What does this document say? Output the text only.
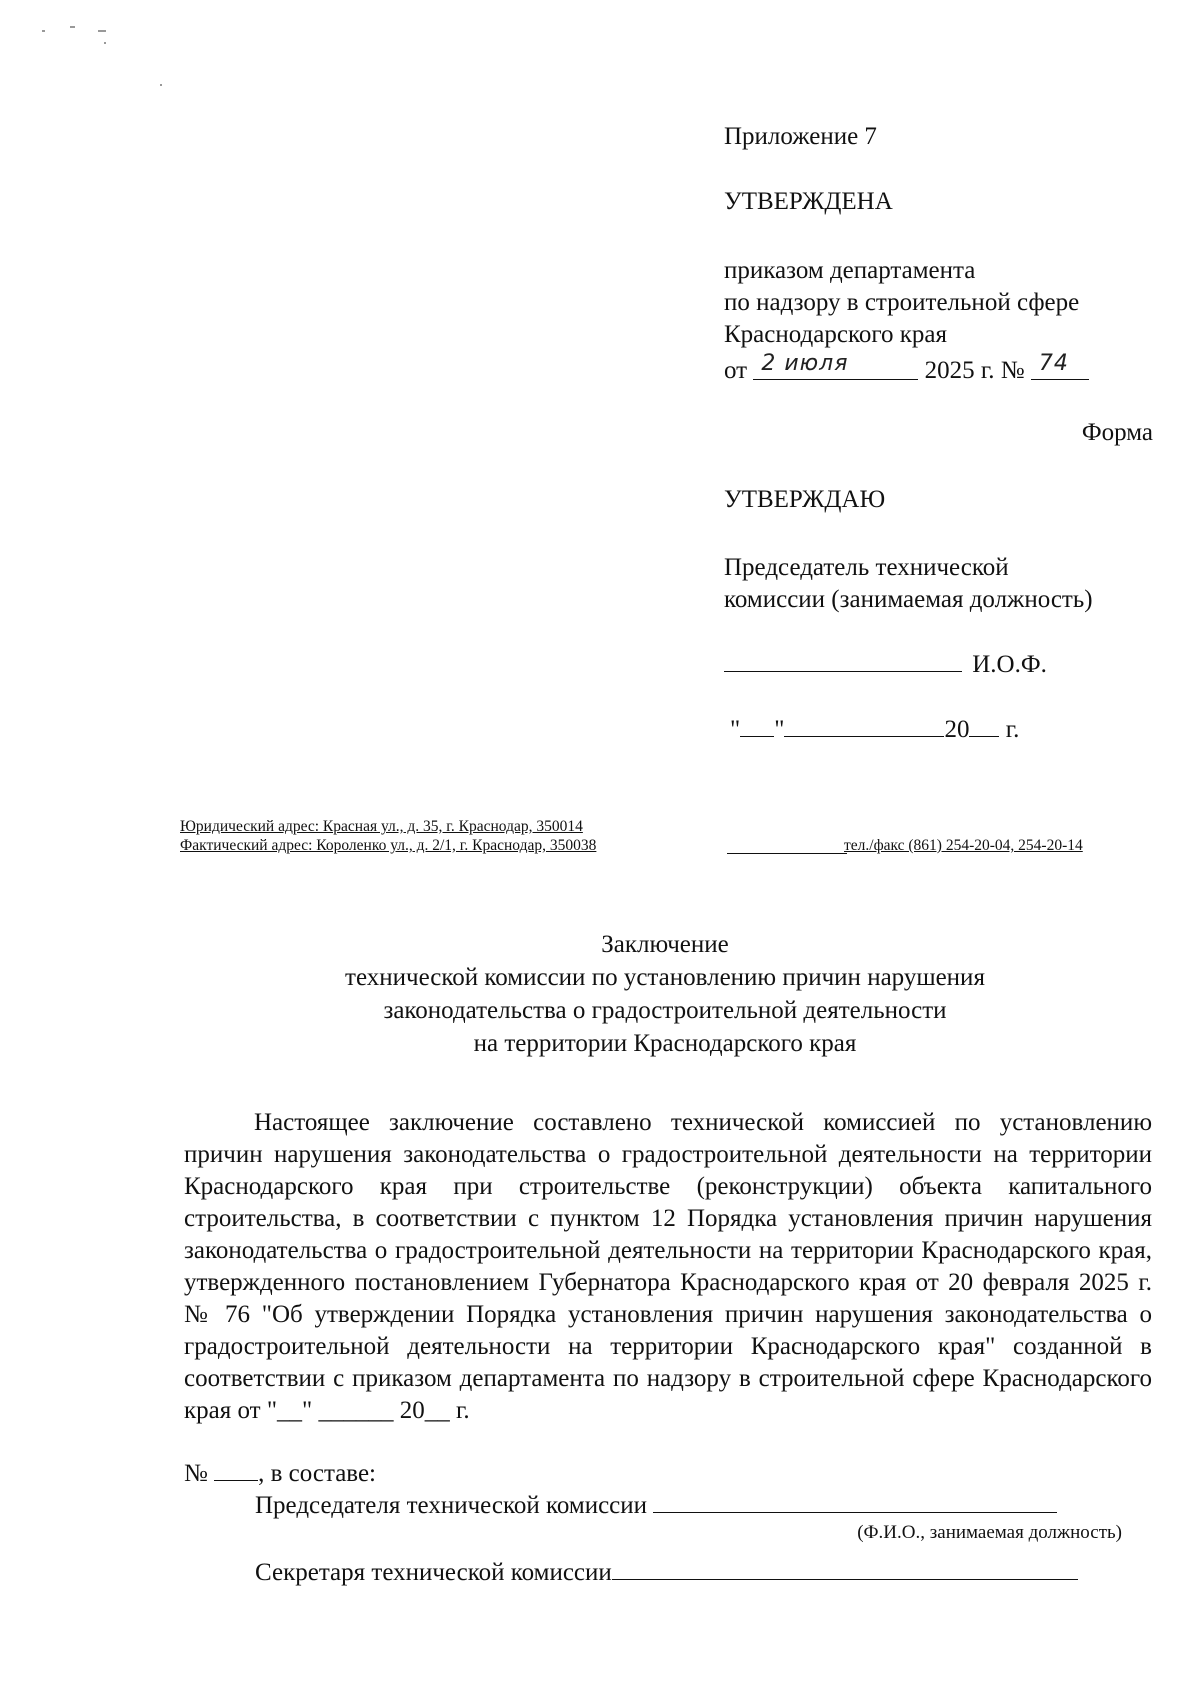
Приложение 7

УТВЕРЖДЕНА

приказом департамента

по надзору в строительной сфере

Краснодарского края

от 2 июля	2025 г. № 74

Форма

УТВЕРЖДАЮ

Председатель технической

комиссии (занимаемая должность)

И.О.Ф.

" "	20 г.

Юридический адрес: Красная ул., д. 35, г. Краснодар, 350014
Фактический адрес: Короленко ул., д. 2/1, г. Краснодар, 350038	тел./факс (861) 254-20-04, 254-20-14
Заключение
технической комиссии по установлению причин нарушения
законодательства о градостроительной деятельности
на территории Краснодарского края
Настоящее заключение составлено технической комиссией по установлению причин нарушения законодательства о градостроительной деятельности на территории Краснодарского края при строительстве (реконструкции) объекта капитального строительства, в соответствии с пунктом 12 Порядка установления причин нарушения законодательства о градостроительной деятельности на территории Краснодарского края, утвержденного постановлением Губернатора Краснодарского края от 20 февраля 2025 г. № 76 "Об утверждении Порядка установления причин нарушения законодательства о градостроительной деятельности на территории Краснодарского края" созданной в соответствии с приказом департамента по надзору в строительной сфере Краснодарского края от "__" ______ 20__ г.

№ , в составе:

Председателя технической комиссии

(Ф.И.О., занимаемая должность)

Секретаря технической комиссии
